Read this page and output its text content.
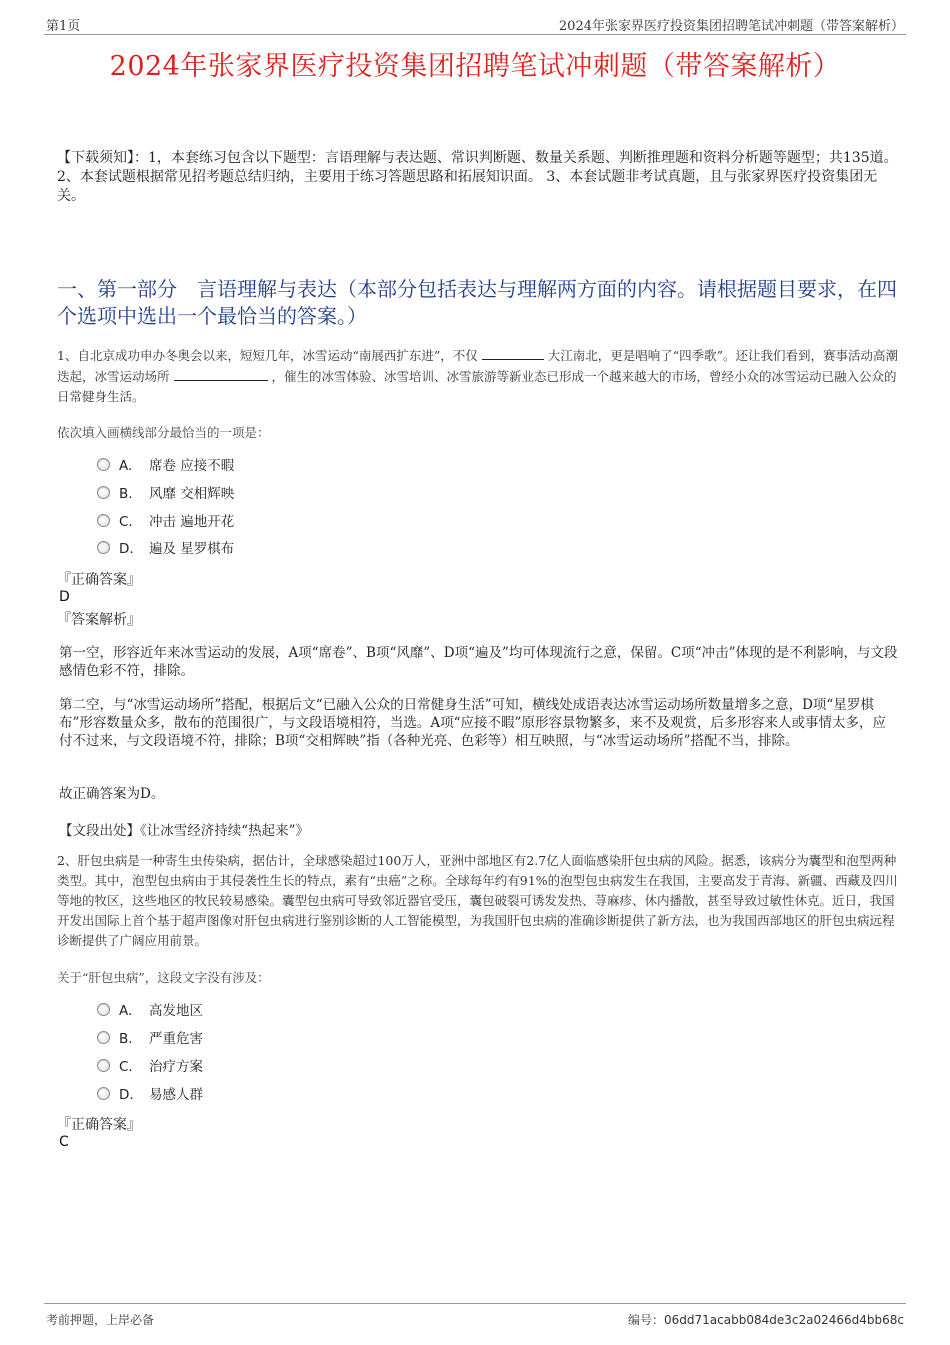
第1页	2024年张家界医疗投资集团招聘笔试冲刺题（带答案解析）
2024年张家界医疗投资集团招聘笔试冲刺题（带答案解析）
【下载须知】：1，本套练习包含以下题型：言语理解与表达题、常识判断题、数量关系题、判断推理题和资料分析题等题型；共135道。 2、本套试题根据常见招考题总结归纳，主要用于练习答题思路和拓展知识面。 3、本套试题非考试真题，且与张家界医疗投资集团无关。
一、第一部分　言语理解与表达（本部分包括表达与理解两方面的内容。请根据题目要求，在四个选项中选出一个最恰当的答案。）
1、自北京成功申办冬奥会以来，短短几年，冰雪运动“南展西扩东进”，不仅	大江南北，更是唱响了“四季歌”。还让我们看到，赛事活动高潮迭起，冰雪运动场所	，催生的冰雪体验、冰雪培训、冰雪旅游等新业态已形成一个越来越大的市场，曾经小众的冰雪运动已融入公众的日常健身生活。
依次填入画横线部分最恰当的一项是：
A. 席卷 应接不暇
B. 风靡 交相辉映
C. 冲击 遍地开花
D. 遍及 星罗棋布
『正确答案』
D
『答案解析』
第一空，形容近年来冰雪运动的发展，A项“席卷”、B项“风靡”、D项“遍及”均可体现流行之意，保留。C项“冲击”体现的是不利影响，与文段感情色彩不符，排除。
第二空，与“冰雪运动场所”搭配，根据后文“已融入公众的日常健身生活”可知，横线处成语表达冰雪运动场所数量增多之意，D项“星罗棋布”形容数量众多，散布的范围很广，与文段语境相符，当选。A项“应接不暇”原形容景物繁多，来不及观赏，后多形容来人或事情太多，应付不过来，与文段语境不符，排除；B项“交相辉映”指（各种光亮、色彩等）相互映照，与“冰雪运动场所”搭配不当，排除。
故正确答案为D。
【文段出处】《让冰雪经济持续“热起来”》
2、肝包虫病是一种寄生虫传染病，据估计，全球感染超过100万人，亚洲中部地区有2.7亿人面临感染肝包虫病的风险。据悉，该病分为囊型和泡型两种类型。其中，泡型包虫病由于其侵袭性生长的特点，素有“虫癌”之称。全球每年约有91%的泡型包虫病发生在我国，主要高发于青海、新疆、西藏及四川等地的牧区，这些地区的牧民较易感染。囊型包虫病可导致邻近器官受压，囊包破裂可诱发发热、荨麻疹、休内播散，甚至导致过敏性休克。近日，我国开发出国际上首个基于超声图像对肝包虫病进行鉴别诊断的人工智能模型，为我国肝包虫病的准确诊断提供了新方法，也为我国西部地区的肝包虫病远程诊断提供了广阔应用前景。
关于“肝包虫病”，这段文字没有涉及：
A. 高发地区
B. 严重危害
C. 治疗方案
D. 易感人群
『正确答案』
C
考前押题，上岸必备	编号：06dd71acabb084de3c2a02466d4bb68c
